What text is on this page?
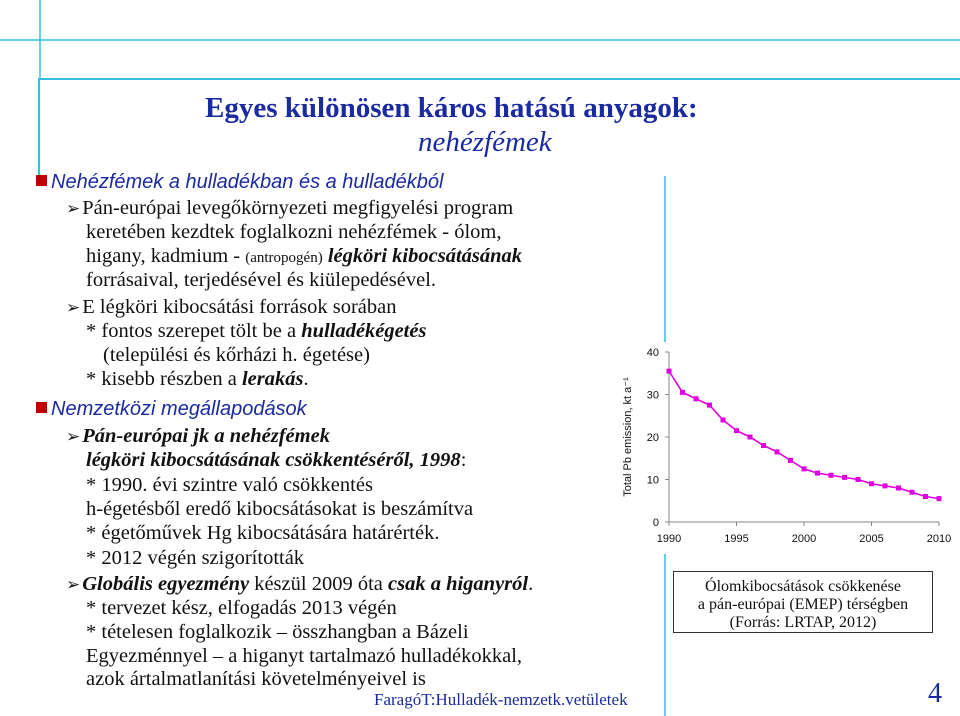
Egyes különösen káros hatású anyagok:
nehézfémek
Nehézfémek a hulladékban és a hulladékból
➢Pán-európai levegőkörnyezeti megfigyelési program
keretében kezdtek foglalkozni nehézfémek - ólom,
higany, kadmium - (antropogén) légköri kibocsátásának
forrásaival, terjedésével és kiülepedésével.
➢E légköri kibocsátási források sorában
* fontos szerepet tölt be a hulladékégetés
(települési és kőrházi h. égetése)
* kisebb részben a lerakás.
Nemzetközi megállapodások
➢Pán-európai jk a nehézfémek
légköri kibocsátásának csökkentéséről, 1998:
* 1990. évi szintre való csökkentés
h-égetésből eredő kibocsátásokat is beszámítva
* égetőművek Hg kibocsátására határérték.
* 2012 végén szigorították
➢Globális egyezmény készül 2009 óta csak a higanyról.
* tervezet kész, elfogadás 2013 végén
* tételesen foglalkozik – összhangban a Bázeli
Egyezménnyel – a higanyt tartalmazó hulladékokkal,
azok ártalmatlanítási követelményeivel is
0
10
20
30
40
1990	1995	2000	2005	2010
Total Pb emission, kt a⁻¹
Ólomkibocsátások csökkenése
a pán-európai (EMEP) térségben
(Forrás: LRTAP, 2012)
FaragóT:Hulladék-nemzetk.vetületek	4
